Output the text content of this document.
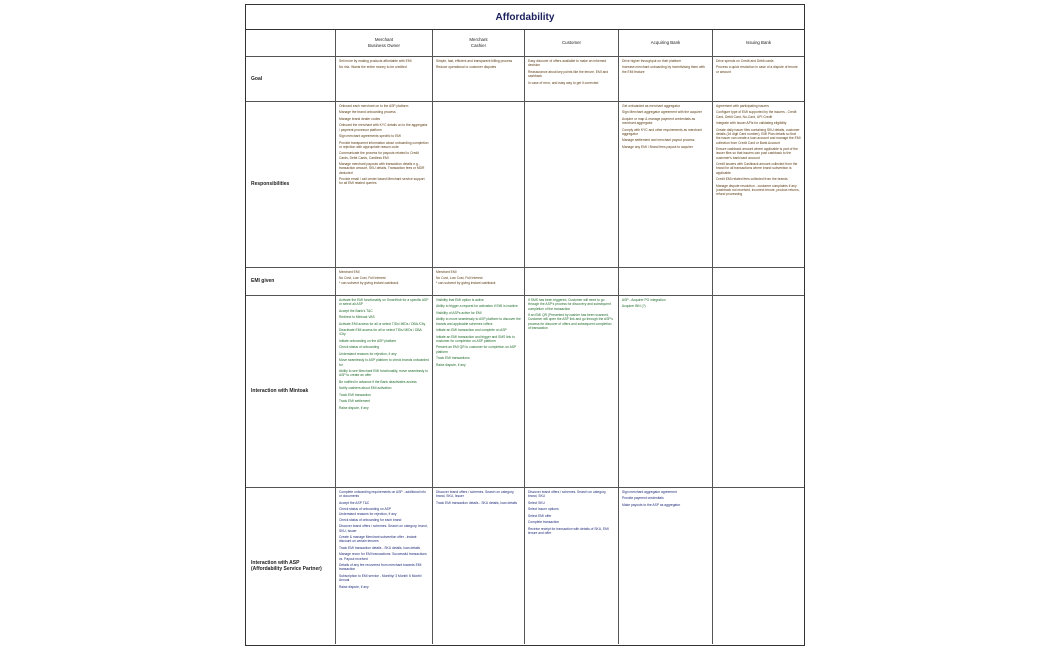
Affordability
Merchant
Business Owner
Merchant
Cashier
Customer	Acquiring Bank	Issuing Bank
Goal
Sell more by making products affordable with EMI
No risk. Wants the entire money to be credited
Simple, fast, efficient and transparent billing process
Reduce operational or customer disputes
Easy discover of offers available to make an informed decision
Reassurance about key points like the tenure, EMI and cashback
In case of error, and easy way to get it corrected
Drive higher throughput on their platform
Increase merchant onboarding by incentivising them with the EMI feature
Drive spends on Credit and Debit cards
Process a quick resolution in case of a dispute of tenure or amount
Responsibilities
Onboard each merchant on to the ASP platform
Manage the brand onboarding process
Manage brand dealer codes
Onboard the merchant with KYC details on to the aggregator / payment processor platform
Sign merchant agreements specific to EMI
Provide transparent information about onboarding completion or rejection with appropriate reason code
Communicate the process for payouts related to Credit Cards, Debit Cards, Cardless EMI
Manage merchant payouts with transaction details e.g., transaction amount, SKU details, Transaction fees or MDR deducted
Provide email / call center based Merchant service support for all EMI related queries
Get onboarded as merchant aggregator
Sign Merchant aggregator agreement with the acquirer
Acquire or map & manage payment credentials as merchant aggregator
Comply with KYC and other requirements as merchant aggregator
Manage settlement and merchant payout process
Manage any EMI / Brand fees payout to acquirer
Agreement with participating issuers
Configure type of EMI supported by the issuers - Credit Card, Debit Card, No-Card, UPI Credit
Integrate with Issuer APIs for validating eligibility
Create daily issuer files containing SKU details, customer details (16 digit Card number), EMI Plan details so that the issuer can create a loan account and manage the EMI collection from Credit Card or Bank Account
Ensure cashback amount where applicable is part of the issuer files so that issuers can post cashback to the customer's bank/card account
Credit issuers with Cashback amount collected from the brand for all transactions where brand subvention is applicable
Credit EMI related fees collected from the brands
Manage dispute resolution - customer complaints if any (cashback not received, incorrect tenure, product returns, refund processing
EMI given
Merchant EMI
No Cost, Low Cost, Full Interest
* can subvent by giving instant cashback
Merchant EMI
No Cost, Low Cost, Full Interest
* can subvent by giving instant cashback
Interaction with Mintoak
Activate the EMI functionality on SmartHub for a specific ASP or select all ASP
Accept the Bank's T&C
Redirect to Mintoak VAS
Activate EMI access for all or select TIDs/ MIDs / DBA /City
Deactivate EMI access for all or select TIDs/ MIDs / DBA /City
Initiate onboarding on the ASP platform
Check status of onboarding
Understand reasons for rejection, if any
Move seamlessly to ASP platform to check brands onboarded for
Ability to see Merchant EMI functionality, move seamlessly to ASP to create an offer
Be notified in advance if the Bank deactivates access
Notify cashiers about EMI activation
Track EMI transaction
Track EMI settlement
Raise dispute, if any
Visibility that EMI option is active
Ability to trigger a request for activation if EMI is inactive
Visibility of ASPs active for EMI
Ability to move seamlessly to ASP platform to discover the brands and applicable schemes /offers
Initiate an EMI transaction and complete on ASP
Initiate an EMI transaction and trigger and SMS link to customer for completion on ASP platform
Present an EMI QR to customer for completion on ASP platform
Track EMI transactions
Raise dispute, if any
If SMS has been triggered, Customer will need to go through the ASP's process for discovery and subsequent completion of the transaction
If an EMI QR (Presented by cashier has been scanned, Customer will open the ASP link and go through the ASP's process for discover of offers and subsequent completion of transaction
ASP - Acquirer PG integration
Acquirer BIN (?)
Interaction with ASP
(Affordability Service Partner)
Complete onboarding requirements on ASP - additional info or documents
Accept the ASP T&C
Check status of onboarding on ASP
Understand reasons for rejection, if any
Check status of onboarding for each brand
Discover brand offers / schemes. Search on category, brand, SKU, Issuer
Create & manage Merchant subvention offer - instant discount on certain tenures
Track EMI transaction details - SKU details, loan details
Manage recon for EMI transactions. Successful transactions vs. Payout received
Details of any fee recovered from merchant towards EMI transaction
Subscription to EMI service - Monthly/ 3 Month/ 6 Month/ Annual
Raise dispute, if any
Discover brand offers / schemes. Search on category, brand, SKU, Issuer
Track EMI transaction details - SKU details, loan details
Discover brand offers / schemes. Search on category, brand, SKU
Select SKU
Select Issuer options
Select EMI offer
Complete transaction
Receive receipt for transaction with details of SKU, EMI tenure and offer
Sign merchant aggregator agreement
Provide payment credentials
Make payouts to the ASP as aggregator
